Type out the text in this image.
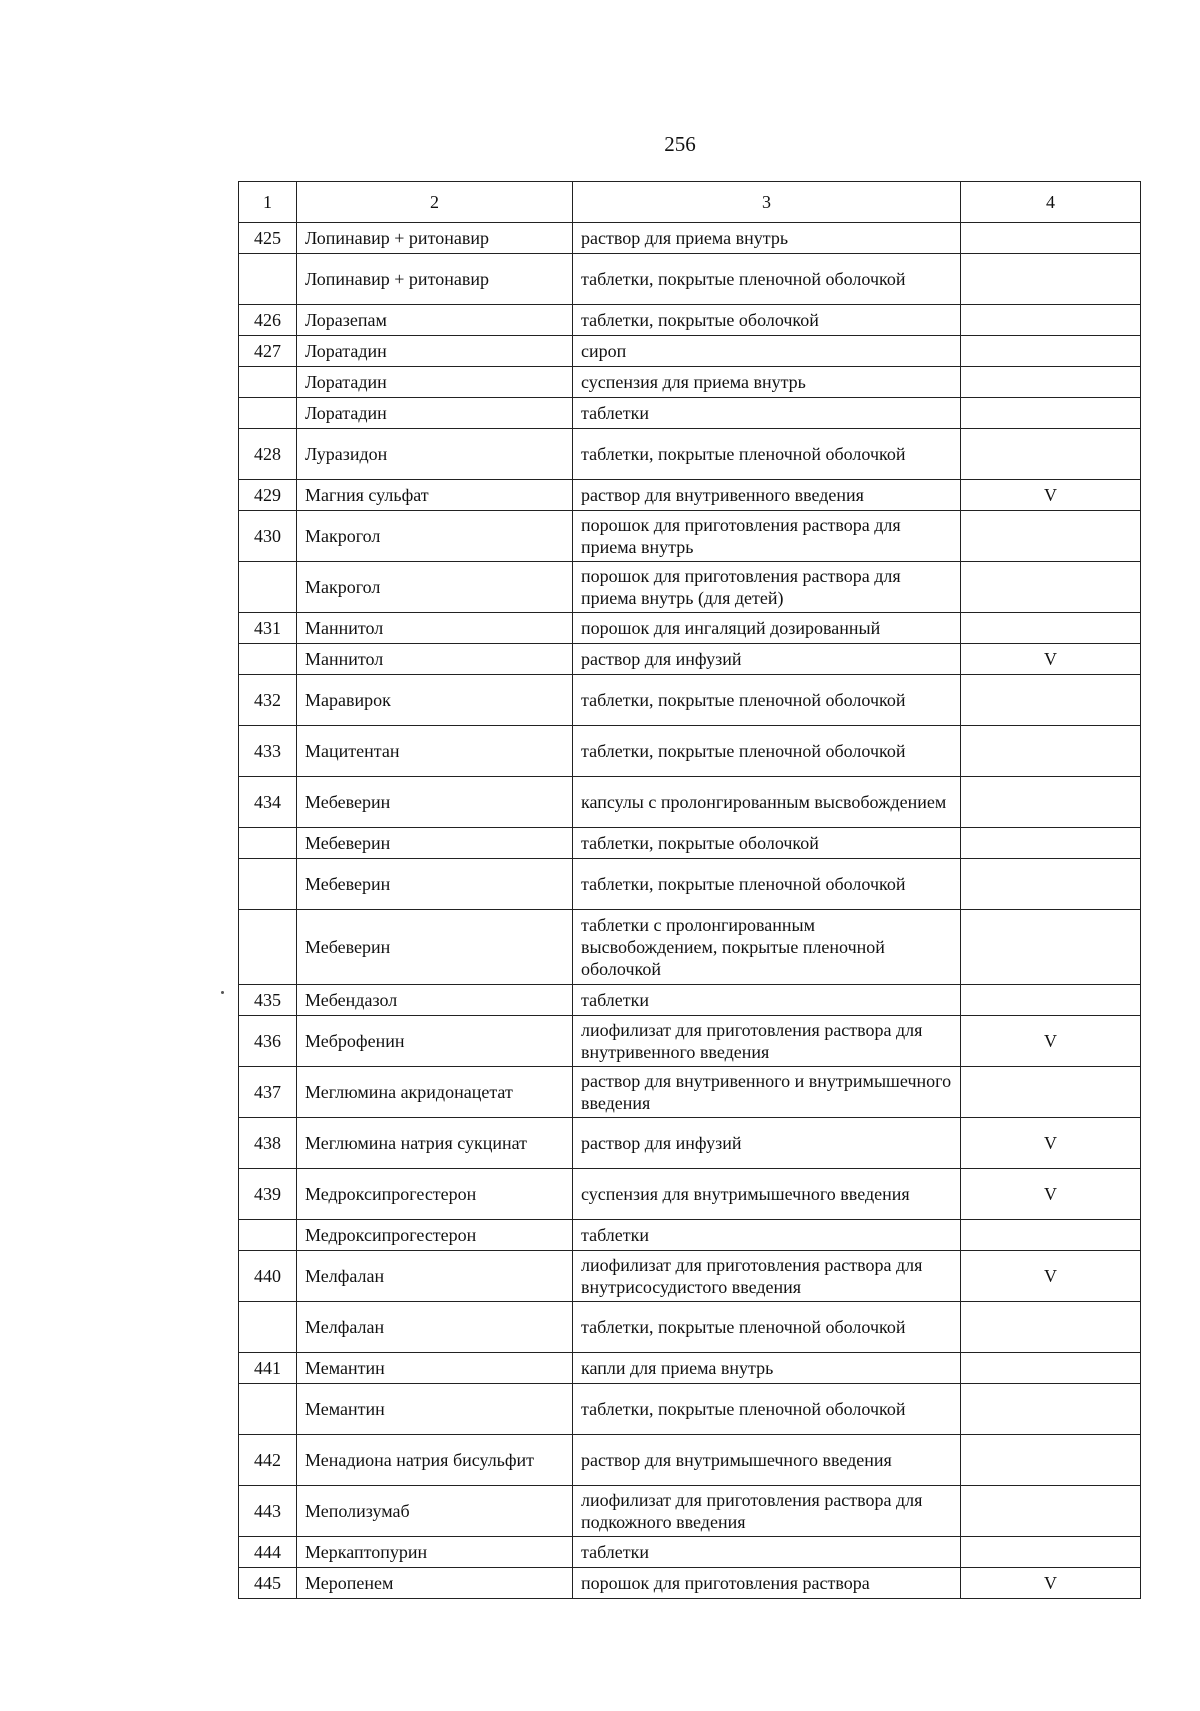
256
1	2	3	4
425	Лопинавир + ритонавир	раствор для приема внутрь	
	Лопинавир + ритонавир	таблетки, покрытые пленочной оболочкой	
426	Лоразепам	таблетки, покрытые оболочкой	
427	Лоратадин	сироп	
	Лоратадин	суспензия для приема внутрь	
	Лоратадин	таблетки	
428	Луразидон	таблетки, покрытые пленочной оболочкой	
429	Магния сульфат	раствор для внутривенного введения	V
430	Макрогол	порошок для приготовления раствора для приема внутрь	
	Макрогол	порошок для приготовления раствора для приема внутрь (для детей)	
431	Маннитол	порошок для ингаляций дозированный	
	Маннитол	раствор для инфузий	V
432	Маравирок	таблетки, покрытые пленочной оболочкой	
433	Мацитентан	таблетки, покрытые пленочной оболочкой	
434	Мебеверин	капсулы с пролонгированным высвобождением	
	Мебеверин	таблетки, покрытые оболочкой	
	Мебеверин	таблетки, покрытые пленочной оболочкой	
	Мебеверин	таблетки с пролонгированным высвобождением, покрытые пленочной оболочкой	
435	Мебендазол	таблетки	
436	Меброфенин	лиофилизат для приготовления раствора для внутривенного введения	V
437	Меглюмина акридонацетат	раствор для внутривенного и внутримышечного введения	
438	Меглюмина натрия сукцинат	раствор для инфузий	V
439	Медроксипрогестерон	суспензия для внутримышечного введения	V
	Медроксипрогестерон	таблетки	
440	Мелфалан	лиофилизат для приготовления раствора для внутрисосудистого введения	V
	Мелфалан	таблетки, покрытые пленочной оболочкой	
441	Мемантин	капли для приема внутрь	
	Мемантин	таблетки, покрытые пленочной оболочкой	
442	Менадиона натрия бисульфит	раствор для внутримышечного введения	
443	Меполизумаб	лиофилизат для приготовления раствора для подкожного введения	
444	Меркаптопурин	таблетки	
445	Меропенем	порошок для приготовления раствора	V
